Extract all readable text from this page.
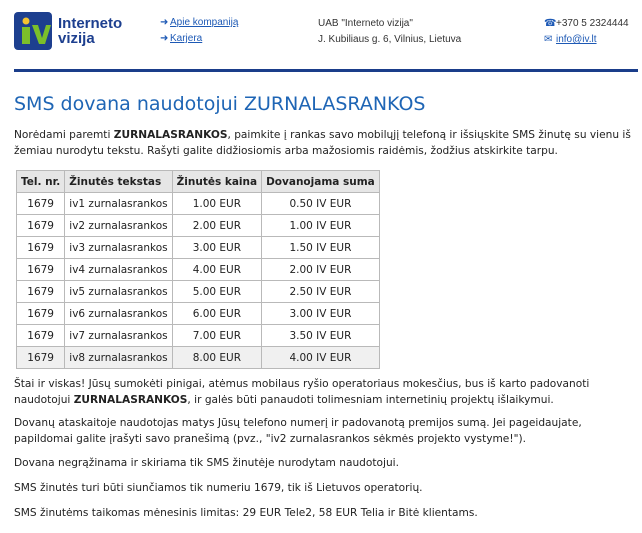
Interneto
vizija
➜ Apie kompaniją
➜ Karjera
UAB "Interneto vizija"
J. Kubiliaus g. 6, Vilnius, Lietuva
☎+370 5 2324444
✉ info@iv.lt
SMS dovana naudotojui ZURNALASRANKOS

Norėdami paremti ZURNALASRANKOS, paimkite į rankas savo mobilųjį telefoną ir išsiųskite SMS žinutę su vienu iš
žemiau nurodytu tekstu. Rašyti galite didžiosiomis arba mažosiomis raidėmis, žodžius atskirkite tarpu.

Tel. nr.	Žinutės tekstas	Žinutės kaina	Dovanojama suma
1679	iv1 zurnalasrankos	1.00 EUR	0.50 IV EUR
1679	iv2 zurnalasrankos	2.00 EUR	1.00 IV EUR
1679	iv3 zurnalasrankos	3.00 EUR	1.50 IV EUR
1679	iv4 zurnalasrankos	4.00 EUR	2.00 IV EUR
1679	iv5 zurnalasrankos	5.00 EUR	2.50 IV EUR
1679	iv6 zurnalasrankos	6.00 EUR	3.00 IV EUR
1679	iv7 zurnalasrankos	7.00 EUR	3.50 IV EUR
1679	iv8 zurnalasrankos	8.00 EUR	4.00 IV EUR

Štai ir viskas! Jūsų sumokėti pinigai, atėmus mobilaus ryšio operatoriaus mokesčius, bus iš karto padovanoti
naudotojui ZURNALASRANKOS, ir galės būti panaudoti tolimesniam internetinių projektų išlaikymui.

Dovanų ataskaitoje naudotojas matys Jūsų telefono numerį ir padovanotą premijos sumą. Jei pageidaujate,
papildomai galite įrašyti savo pranešimą (pvz., "iv2 zurnalasrankos sėkmės projekto vystyme!").

Dovana negrąžinama ir skiriama tik SMS žinutėje nurodytam naudotojui.

SMS žinutės turi būti siunčiamos tik numeriu 1679, tik iš Lietuvos operatorių.

SMS žinutėms taikomas mėnesinis limitas: 29 EUR Tele2, 58 EUR Telia ir Bitė klientams.
